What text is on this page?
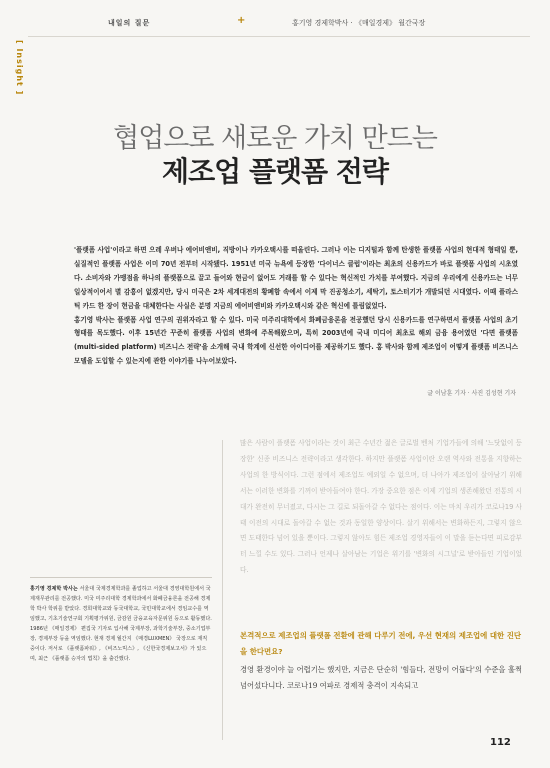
내일의 질문	+	홍기영 경제학박사 · 《매일경제》 월간국장
[ Insight ]
협업으로 새로운 가치 만드는
제조업 플랫폼 전략

'플랫폼 사업'이라고 하면 으레 우버나 에어비앤비, 직방이나 카카오택시를 떠올린다. 그러나 이는 디지털과 함께 탄생한 플랫폼 사업의 현대적 형태일 뿐, 실질적인 플랫폼 사업은 이미 70년 전부터 시작됐다. 1951년 미국 뉴욕에 등장한 '다이너스 클럽'이라는 최초의 신용카드가 바로 플랫폼 사업의 시초였다. 소비자와 가맹점을 하나의 플랫폼으로 끌고 들어와 현금이 없어도 거래를 할 수 있다는 혁신적인 가치를 부여했다. 지금의 우리에게 신용카드는 너무 일상적이어서 별 감흥이 없겠지만, 당시 미국은 2차 세계대전의 황폐함 속에서 이제 막 진공청소기, 세탁기, 토스터기가 개발되던 시대였다. 이때 플라스틱 카드 한 장이 현금을 대체한다는 사실은 분명 지금의 에어비앤비와 카카오택시와 같은 혁신에 틀림없었다.

홍기영 박사는 플랫폼 사업 연구의 권위자라고 할 수 있다. 미국 미주리대학에서 화폐금융론을 전공했던 당시 신용카드를 연구하면서 플랫폼 사업의 초기 형태를 목도했다. 이후 15년간 꾸준히 플랫폼 사업의 변화에 주목해왔으며, 특히 2003년에 국내 미디어 최초로 해외 금융 용어였던 '다면 플랫폼(multi-sided platform) 비즈니스 전략'을 소개해 국내 학계에 신선한 아이디어를 제공하기도 했다. 홍 박사와 함께 제조업이 어떻게 플랫폼 비즈니스 모델을 도입할 수 있는지에 관한 이야기를 나누어보았다.

글 이남훈 기자 · 사진 김성현 기자
홍기영 경제학 박사는 서울대 국제경제학과를 졸업하고 서울대 경영대학원에서 국제재무관리를 전공했다. 미국 미주리대학 경제학과에서 화폐금융론을 전공해 경제학 박사 학위를 받았다. 경희대학교와 동국대학교, 국민대학교에서 경임교수를 역임했고, 기초기술연구회 기획평가위원, 금감원 금융교육자문위원 등으로 활동했다. 1986년 《매일경제》 편집국 기자로 입사해 국제부장, 과학기술부장, 중소기업부장, 경제부장 등을 역임했다. 현재 경제 월간지 《매경LUXMEN》 국장으로 재직 중이다. 저서로 《플랫폼파워》, 《비즈노믹스》, 《신한국경제보고서》가 있으며, 최근 《플랫폼 승자의 법칙》을 출간했다.
많은 사람이 플랫폼 사업이라는 것이 최근 수년간 젊은 글로벌 벤처 기업가들에 의해 '느닷없이 등장한' 신종 비즈니스 전략이라고 생각한다. 하지만 플랫폼 사업이란 오랜 역사와 전통을 지향하는 사업의 한 방식이다. 그런 점에서 제조업도 예외일 수 없으며, 더 나아가 제조업이 살아남기 위해서는 이러한 변화를 기꺼이 받아들여야 한다. 가장 중요한 점은 이제 기업의 생존해왔던 전통의 시대가 완전히 무너졌고, 다시는 그 길로 되돌아갈 수 없다는 점이다. 이는 마치 우리가 코로나19 사태 이전의 시대로 돌아갈 수 없는 것과 동일한 양상이다. 살기 위해서는 변화하든지, 그렇지 않으면 도태한다 넘어 있을 뿐이다. 그렇지 않아도 힘든 제조업 경영자들이 이 말을 듣는다면 피로감부터 느낄 수도 있다. 그러나 언제나 살아남는 기업은 위기를 '변화의 시그널'로 받아들인 기업이었다.
본격적으로 제조업의 플랫폼 전환에 관해 다루기 전에, 우선 현재의 제조업에 대한 진단을 한다면요?
경영 환경이야 늘 어렵기는 했지만, 지금은 단순히 '힘들다, 전망이 어둡다'의 수준을 훌쩍 넘어섰다니다. 코로나19 여파로 경제적 충격이 지속되고
112
